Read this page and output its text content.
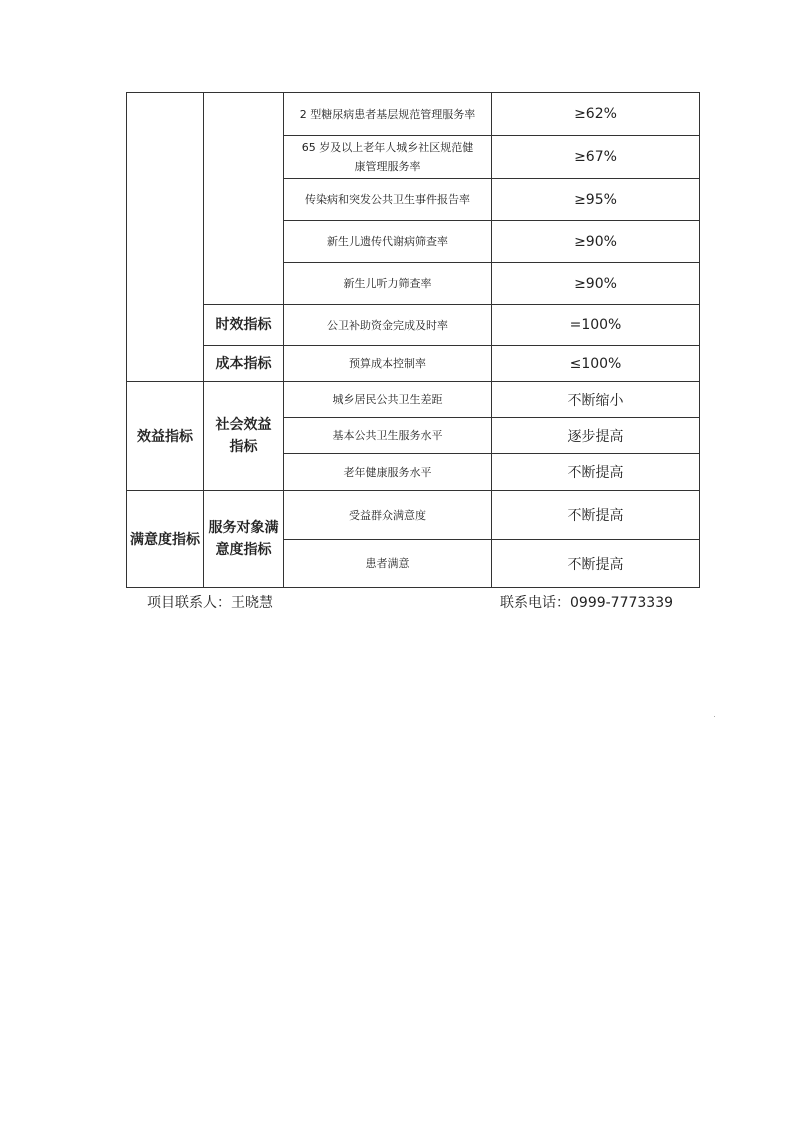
		2 型糖尿病患者基层规范管理服务率	≥62%
		65 岁及以上老年人城乡社区规范健康管理服务率	≥67%
		传染病和突发公共卫生事件报告率	≥95%
		新生儿遗传代谢病筛查率	≥90%
		新生儿听力筛查率	≥90%
	时效指标	公卫补助资金完成及时率	=100%
	成本指标	预算成本控制率	≤100%
效益指标	社会效益指标	城乡居民公共卫生差距	不断缩小
		基本公共卫生服务水平	逐步提高
		老年健康服务水平	不断提高
满意度指标	服务对象满意度指标	受益群众满意度	不断提高
		患者满意	不断提高
项目联系人：王晓慧	联系电话：0999-7773339
